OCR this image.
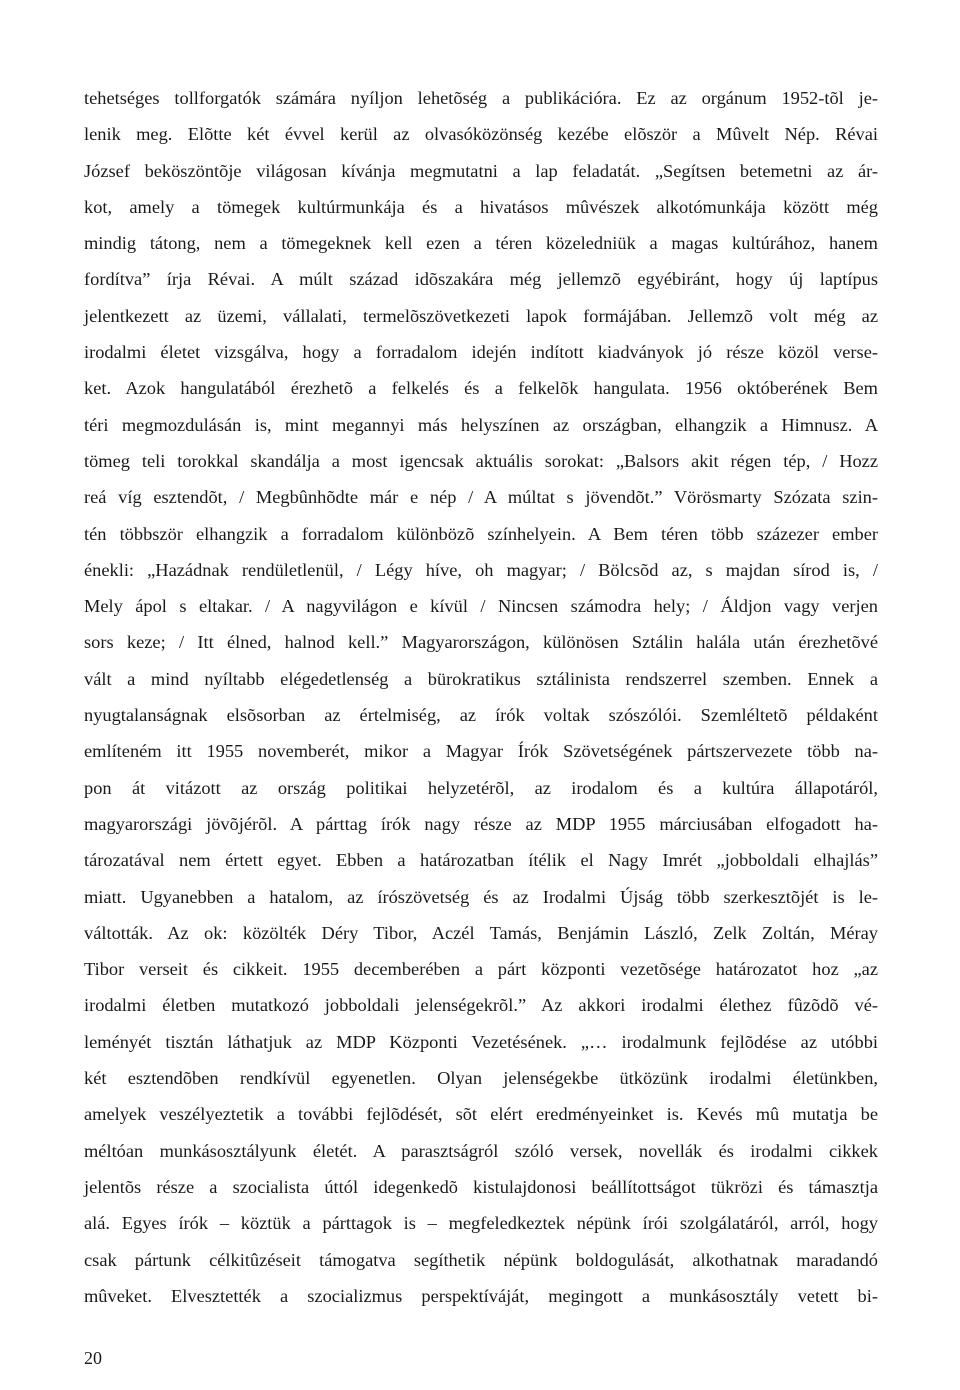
tehetséges tollforgatók számára nyíljon lehetõség a publikációra. Ez az orgánum 1952-tõl je-
lenik meg. Elõtte két évvel kerül az olvasóközönség kezébe elõször a Mûvelt Nép. Révai
József beköszöntõje világosan kívánja megmutatni a lap feladatát. „Segítsen betemetni az ár-
kot, amely a tömegek kultúrmunkája és a hivatásos mûvészek alkotómunkája között még
mindig tátong, nem a tömegeknek kell ezen a téren közeledniük a magas kultúrához, hanem
fordítva” írja Révai. A múlt század idõszakára még jellemzõ egyébiránt, hogy új laptípus
jelentkezett az üzemi, vállalati, termelõszövetkezeti lapok formájában. Jellemzõ volt még az
irodalmi életet vizsgálva, hogy a forradalom idején indított kiadványok jó része közöl verse-
ket. Azok hangulatából érezhetõ a felkelés és a felkelõk hangulata. 1956 októberének Bem
téri megmozdulásán is, mint megannyi más helyszínen az országban, elhangzik a Himnusz. A
tömeg teli torokkal skandálja a most igencsak aktuális sorokat: „Balsors akit régen tép, / Hozz
reá víg esztendõt, / Megbûnhõdte már e nép / A múltat s jövendõt.” Vörösmarty Szózata szin-
tén többször elhangzik a forradalom különbözõ színhelyein. A Bem téren több százezer ember
énekli: „Hazádnak rendületlenül, / Légy híve, oh magyar; / Bölcsõd az, s majdan sírod is, /
Mely ápol s eltakar. / A nagyvilágon e kívül / Nincsen számodra hely; / Áldjon vagy verjen
sors keze; / Itt élned, halnod kell.” Magyarországon, különösen Sztálin halála után érezhetõvé
vált a mind nyíltabb elégedetlenség a bürokratikus sztálinista rendszerrel szemben. Ennek a
nyugtalanságnak elsõsorban az értelmiség, az írók voltak szószólói. Szemléltetõ példaként
említeném itt 1955 novemberét, mikor a Magyar Írók Szövetségének pártszervezete több na-
pon át vitázott az ország politikai helyzetérõl, az irodalom és a kultúra állapotáról,
magyarországi jövõjérõl. A párttag írók nagy része az MDP 1955 márciusában elfogadott ha-
tározatával nem értett egyet. Ebben a határozatban ítélik el Nagy Imrét „jobboldali elhajlás”
miatt. Ugyanebben a hatalom, az írószövetség és az Irodalmi Újság több szerkesztõjét is le-
váltották. Az ok: közölték Déry Tibor, Aczél Tamás, Benjámin László, Zelk Zoltán, Méray
Tibor verseit és cikkeit. 1955 decemberében a párt központi vezetõsége határozatot hoz „az
irodalmi életben mutatkozó jobboldali jelenségekrõl.” Az akkori irodalmi élethez fûzõdõ vé-
leményét tisztán láthatjuk az MDP Központi Vezetésének. „… irodalmunk fejlõdése az utóbbi
két esztendõben rendkívül egyenetlen. Olyan jelenségekbe ütközünk irodalmi életünkben,
amelyek veszélyeztetik a további fejlõdését, sõt elért eredményeinket is. Kevés mû mutatja be
méltóan munkásosztályunk életét. A parasztságról szóló versek, novellák és irodalmi cikkek
jelentõs része a szocialista úttól idegenkedõ kistulajdonosi beállítottságot tükrözi és támasztja
alá. Egyes írók – köztük a párttagok is – megfeledkeztek népünk írói szolgálatáról, arról, hogy
csak pártunk célkitûzéseit támogatva segíthetik népünk boldogulását, alkothatnak maradandó
mûveket. Elvesztették a szocializmus perspektíváját, megingott a munkásosztály vetett bi-
20
